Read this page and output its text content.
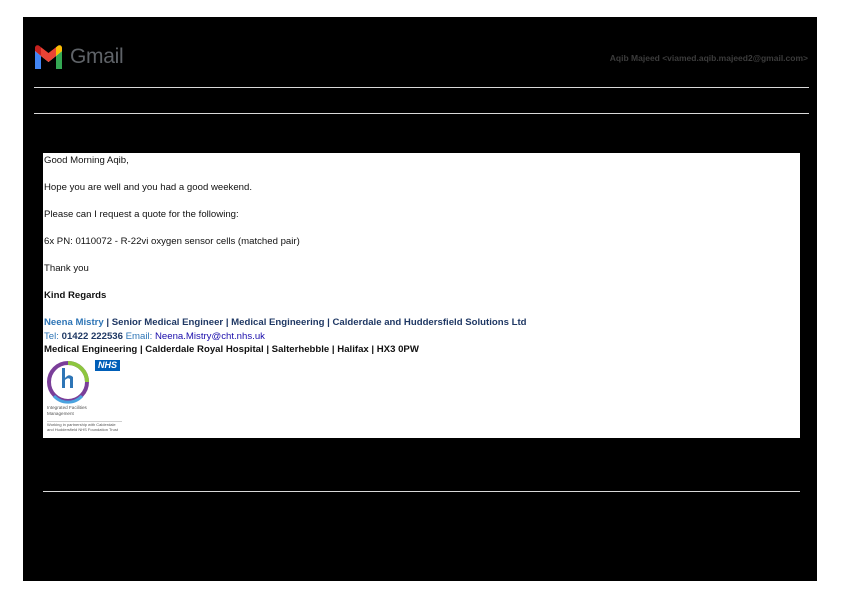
Gmail	Aqib Majeed <viamed.aqib.majeed2@gmail.com>
Good Morning Aqib,
Hope you are well and you had a good weekend.
Please can I request a quote for the following:
6x PN: 0110072 - R-22vi oxygen sensor cells (matched pair)
Thank you
Kind Regards
Neena Mistry | Senior Medical Engineer | Medical Engineering | Calderdale and Huddersfield Solutions Ltd
Tel: 01422 222536 Email: Neena.Mistry@cht.nhs.uk
Medical Engineering | Calderdale Royal Hospital | Salterhebble | Halifax | HX3 0PW
NHS
Integrated Facilities Management
Working in partnership with Calderdale and Huddersfield NHS Foundation Trust
